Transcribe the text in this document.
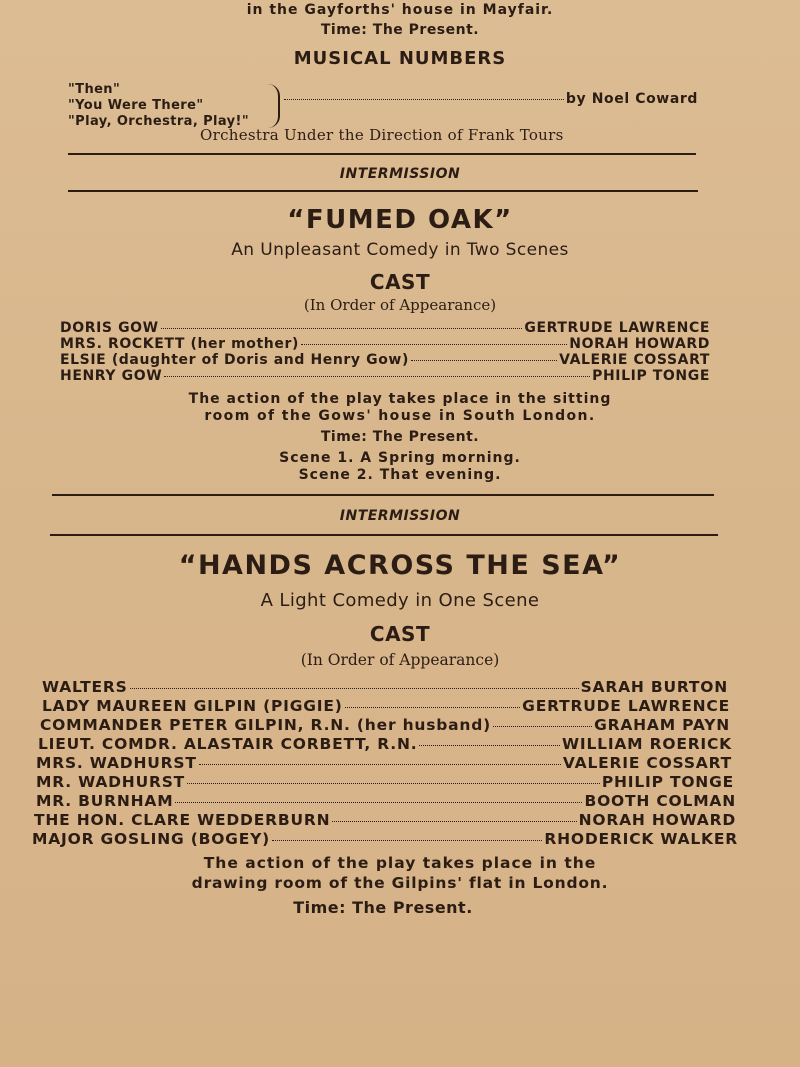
in the Gayforths' house in Mayfair.
Time: The Present.
MUSICAL NUMBERS
"Then"
"You Were There"
"Play, Orchestra, Play!"
by Noel Coward
Orchestra Under the Direction of Frank Tours
INTERMISSION
“FUMED OAK”
An Unpleasant Comedy in Two Scenes
CAST
(In Order of Appearance)
DORIS GOW	GERTRUDE LAWRENCE
MRS. ROCKETT (her mother)	NORAH HOWARD
ELSIE (daughter of Doris and Henry Gow)	VALERIE COSSART
HENRY GOW	PHILIP TONGE
The action of the play takes place in the sitting
room of the Gows' house in South London.
Time: The Present.
Scene 1. A Spring morning.
Scene 2. That evening.
INTERMISSION
“HANDS ACROSS THE SEA”
A Light Comedy in One Scene
CAST
(In Order of Appearance)
WALTERS	SARAH BURTON
LADY MAUREEN GILPIN (PIGGIE)	GERTRUDE LAWRENCE
COMMANDER PETER GILPIN, R.N. (her husband)	GRAHAM PAYN
LIEUT. COMDR. ALASTAIR CORBETT, R.N.	WILLIAM ROERICK
MRS. WADHURST	VALERIE COSSART
MR. WADHURST	PHILIP TONGE
MR. BURNHAM	BOOTH COLMAN
THE HON. CLARE WEDDERBURN	NORAH HOWARD
MAJOR GOSLING (BOGEY)	RHODERICK WALKER
The action of the play takes place in the
drawing room of the Gilpins' flat in London.
Time: The Present.
